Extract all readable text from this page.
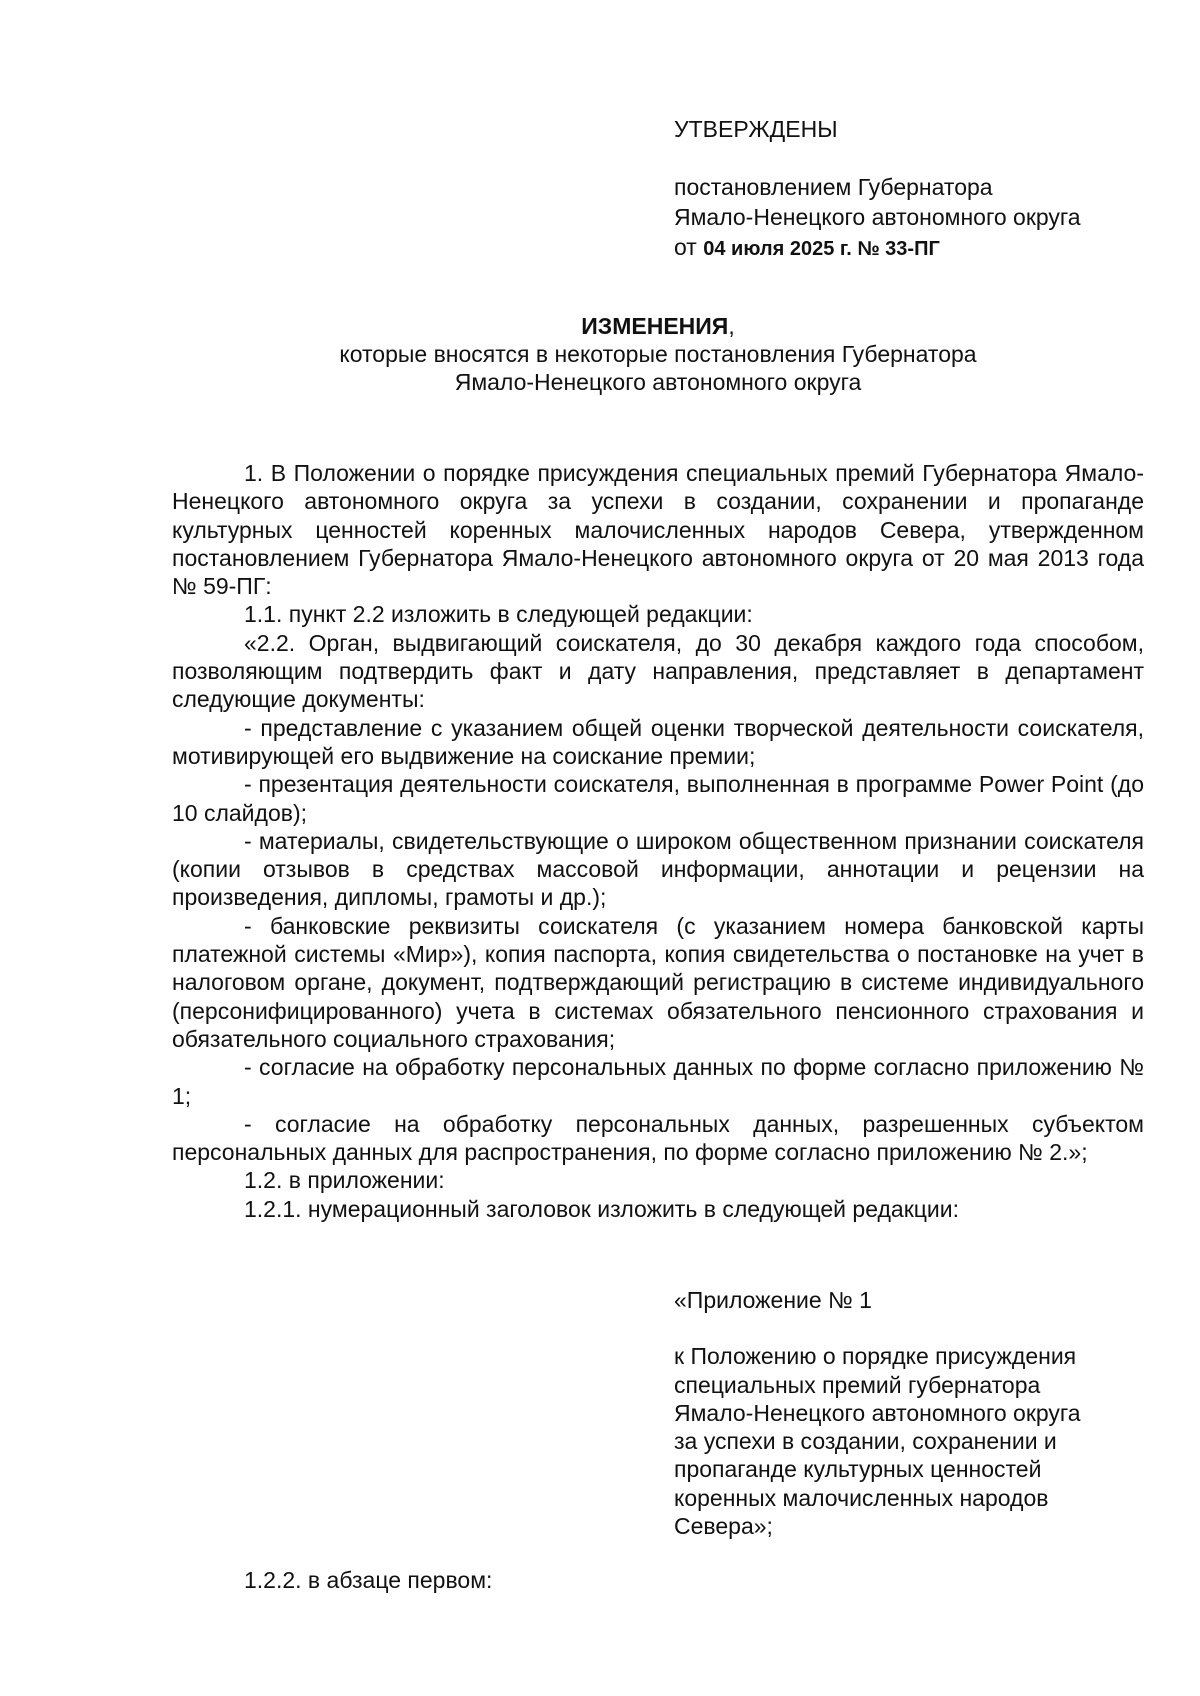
УТВЕРЖДЕНЫ
постановлением Губернатора
Ямало-Ненецкого автономного округа
от 04 июля 2025 г. № 33-ПГ
ИЗМЕНЕНИЯ,
которые вносятся в некоторые постановления Губернатора
Ямало-Ненецкого автономного округа

1. В Положении о порядке присуждения специальных премий Губернатора Ямало-Ненецкого автономного округа за успехи в создании, сохранении и пропаганде культурных ценностей коренных малочисленных народов Севера, утвержденном постановлением Губернатора Ямало-Ненецкого автономного округа от 20 мая 2013 года № 59-ПГ:

1.1. пункт 2.2 изложить в следующей редакции:

«2.2. Орган, выдвигающий соискателя, до 30 декабря каждого года способом, позволяющим подтвердить факт и дату направления, представляет в департамент следующие документы:

- представление с указанием общей оценки творческой деятельности соискателя, мотивирующей его выдвижение на соискание премии;

- презентация деятельности соискателя, выполненная в программе Power Point (до 10 слайдов);

- материалы, свидетельствующие о широком общественном признании соискателя (копии отзывов в средствах массовой информации, аннотации и рецензии на произведения, дипломы, грамоты и др.);

- банковские реквизиты соискателя (с указанием номера банковской карты платежной системы «Мир»), копия паспорта, копия свидетельства о постановке на учет в налоговом органе, документ, подтверждающий регистрацию в системе индивидуального (персонифицированного) учета в системах обязательного пенсионного страхования и обязательного социального страхования;

- согласие на обработку персональных данных по форме согласно приложению № 1;

- согласие на обработку персональных данных, разрешенных субъектом персональных данных для распространения, по форме согласно приложению № 2.»;

1.2. в приложении:

1.2.1. нумерационный заголовок изложить в следующей редакции:

«Приложение № 1
к Положению о порядке присуждения
специальных премий губернатора
Ямало-Ненецкого автономного округа
за успехи в создании, сохранении и
пропаганде культурных ценностей
коренных малочисленных народов
Севера»;
1.2.2. в абзаце первом:
